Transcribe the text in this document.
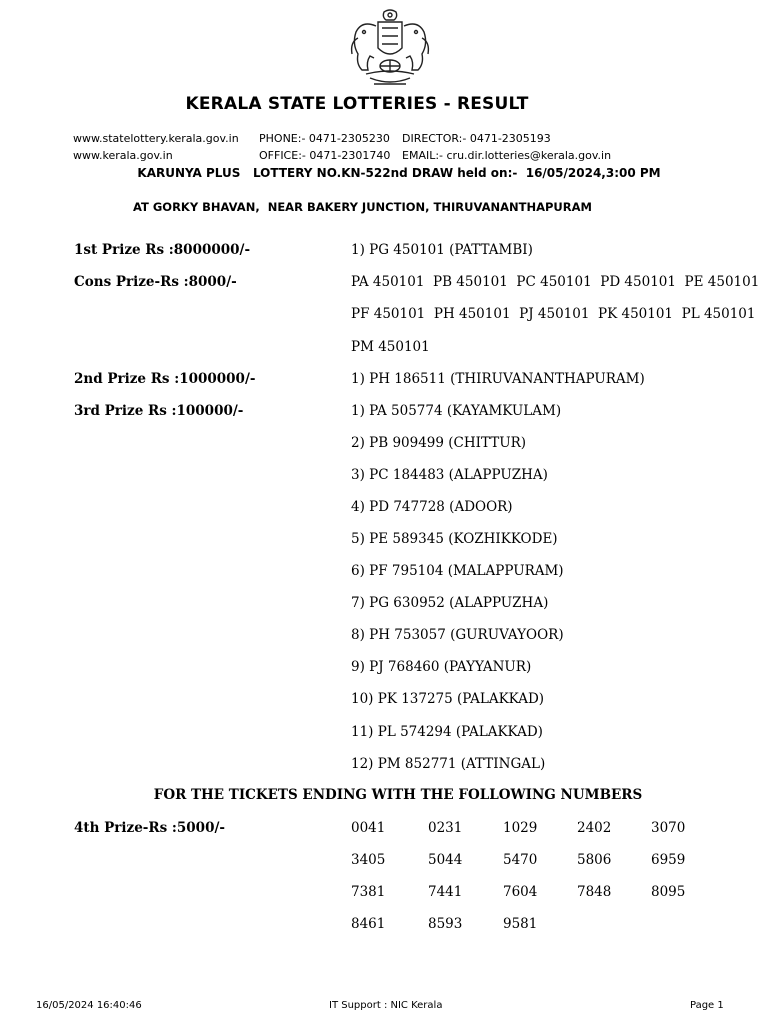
KERALA STATE LOTTERIES - RESULT
www.statelottery.kerala.gov.in
www.kerala.gov.in
PHONE:- 0471-2305230
OFFICE:- 0471-2301740
DIRECTOR:- 0471-2305193
EMAIL:- cru.dir.lotteries@kerala.gov.in
KARUNYA PLUS   LOTTERY NO.KN-522nd DRAW held on:-  16/05/2024,3:00 PM
AT GORKY BHAVAN,  NEAR BAKERY JUNCTION, THIRUVANANTHAPURAM
1st Prize Rs :8000000/-	1) PG 450101 (PATTAMBI)
Cons Prize-Rs :8000/-	PA 450101  PB 450101  PC 450101  PD 450101  PE 450101
PF 450101  PH 450101  PJ 450101  PK 450101  PL 450101
PM 450101
2nd Prize Rs :1000000/-	1) PH 186511 (THIRUVANANTHAPURAM)
3rd Prize Rs :100000/-	1) PA 505774 (KAYAMKULAM)
2) PB 909499 (CHITTUR)
3) PC 184483 (ALAPPUZHA)
4) PD 747728 (ADOOR)
5) PE 589345 (KOZHIKKODE)
6) PF 795104 (MALAPPURAM)
7) PG 630952 (ALAPPUZHA)
8) PH 753057 (GURUVAYOOR)
9) PJ 768460 (PAYYANUR)
10) PK 137275 (PALAKKAD)
11) PL 574294 (PALAKKAD)
12) PM 852771 (ATTINGAL)
FOR THE TICKETS ENDING WITH THE FOLLOWING NUMBERS
4th Prize-Rs :5000/-	0041	0231	1029	2402	3070
3405	5044	5470	5806	6959
7381	7441	7604	7848	8095
8461	8593	9581
16/05/2024 16:40:46	IT Support : NIC Kerala	Page 1
